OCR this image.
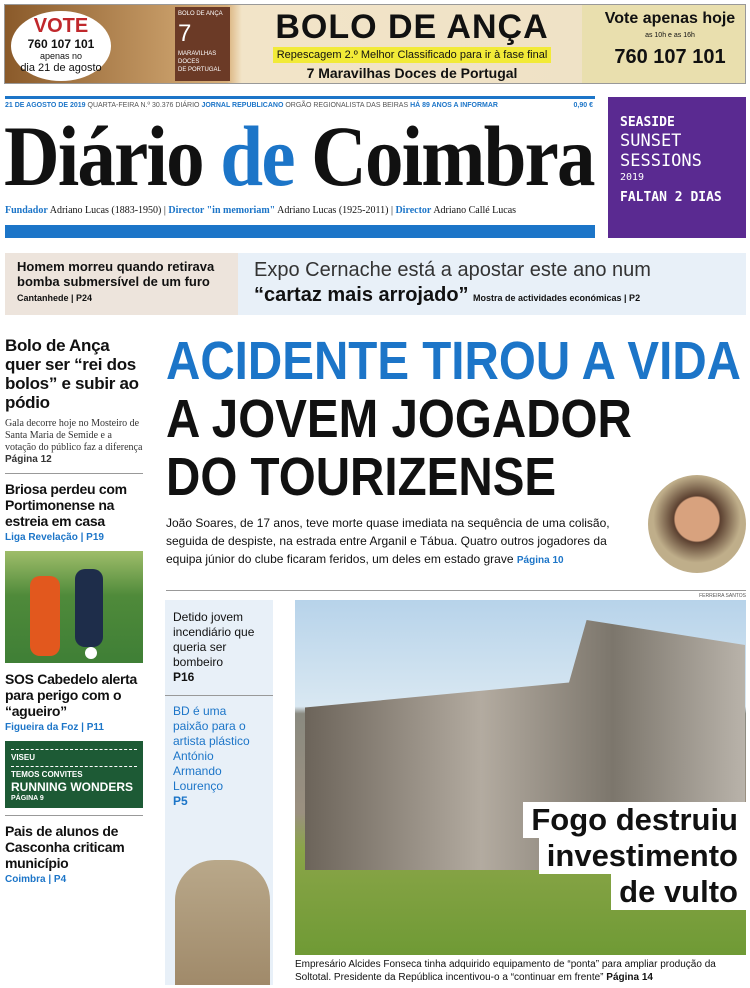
VOTE
760 107 101
apenas no
dia 21 de agosto
BOLO DE ANÇA
7
MARAVILHAS
DOCES
DE PORTUGAL
BOLO DE ANÇA
Repescagem 2.º Melhor Classificado para ir à fase final
7 Maravilhas Doces de Portugal
Vote apenas hoje
as 10h e as 16h
760 107 101
21 DE AGOSTO DE 2019 QUARTA-FEIRA N.º 30.376 DIÁRIO JORNAL REPUBLICANO ORGÃO REGIONALISTA DAS BEIRAS HÁ 89 ANOS A INFORMAR	0,90 €
Diário de Coimbra
Fundador Adriano Lucas (1883-1950) | Director "in memoriam" Adriano Lucas (1925-2011) | Director Adriano Callé Lucas
SEASIDE
SUNSET
SESSIONS
2019
FALTAN 2 DIAS
Homem morreu quando retirava bomba submersível de um furo Cantanhede | P24
Expo Cernache está a apostar este ano num
“cartaz mais arrojado” Mostra de actividades económicas | P2
Bolo de Ança quer ser “rei dos bolos” e subir ao pódio
Gala decorre hoje no Mosteiro de Santa Maria de Semide e a votação do público faz a diferença Página 12
Briosa perdeu com Portimonense na estreia em casa
Liga Revelação | P19
SOS Cabedelo alerta para perigo com o “agueiro”
Figueira da Foz | P11
VISEU
TEMOS CONVITES
RUNNING WONDERS
PÁGINA 9
Pais de alunos de Casconha criticam município
Coimbra | P4
ACIDENTE TIROU A VIDA
A JOVEM JOGADOR
DO TOURIZENSE
João Soares, de 17 anos, teve morte quase imediata na sequência de uma colisão, seguida de despiste, na estrada entre Arganil e Tábua. Quatro outros jogadores da equipa júnior do clube ficaram feridos, um deles em estado grave Página 10
FERREIRA SANTOS
Detido jovem incendiário que queria ser bombeiro
P16
BD é uma paixão para o artista plástico António Armando Lourenço
P5
Fogo destruiu
investimento
de vulto
Empresário Alcides Fonseca tinha adquirido equipamento de “ponta” para ampliar produção da Soltotal. Presidente da República incentivou-o a “continuar em frente” Página 14
